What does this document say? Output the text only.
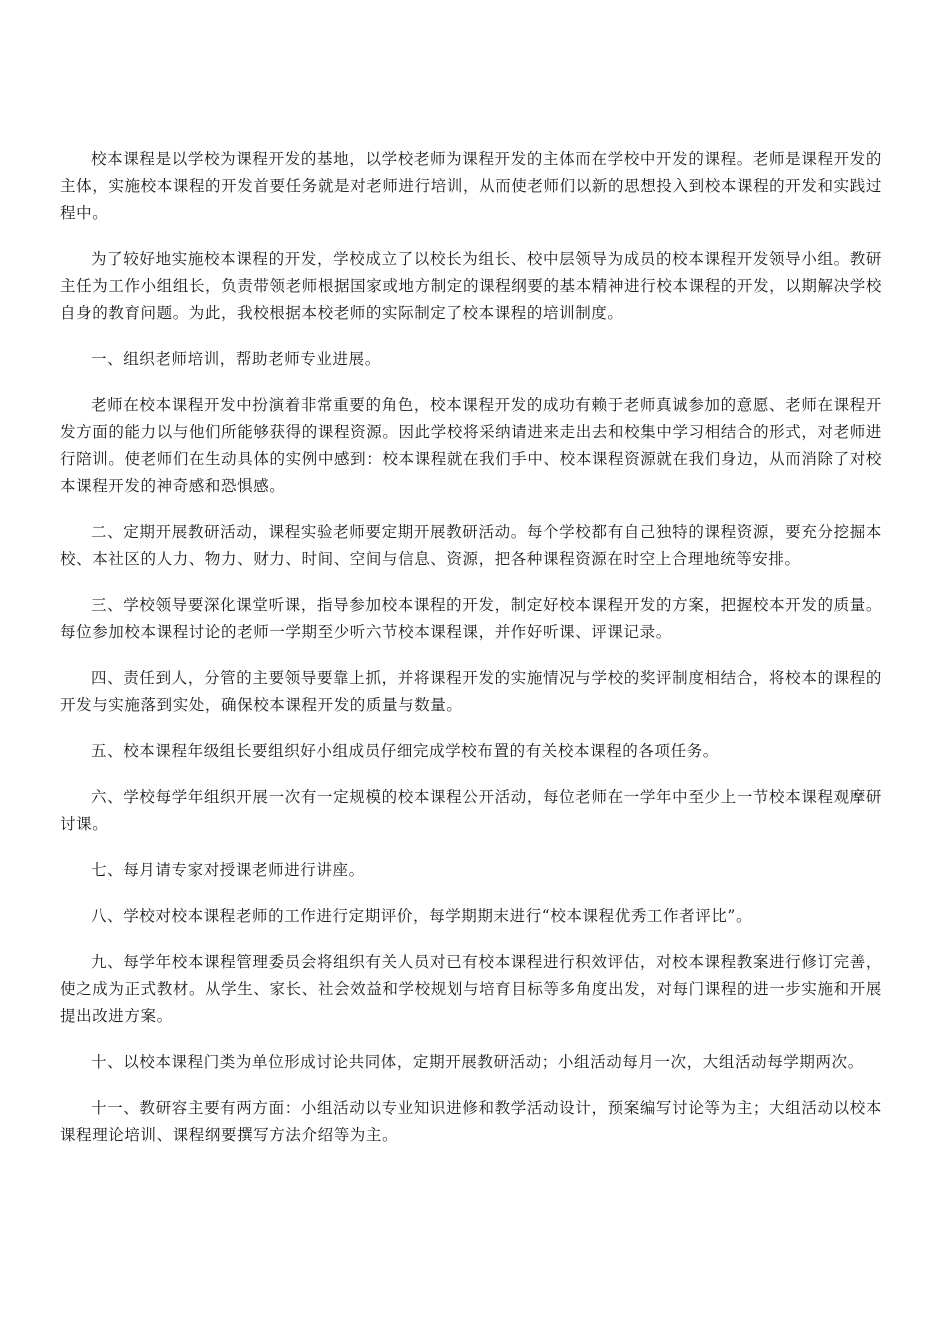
校本课程是以学校为课程开发的基地，以学校老师为课程开发的主体而在学校中开发的课程。老师是课程开发的主体，实施校本课程的开发首要任务就是对老师进行培训，从而使老师们以新的思想投入到校本课程的开发和实践过程中。

为了较好地实施校本课程的开发，学校成立了以校长为组长、校中层领导为成员的校本课程开发领导小组。教研主任为工作小组组长，负责带领老师根据国家或地方制定的课程纲要的基本精神进行校本课程的开发，以期解决学校自身的教育问题。为此，我校根据本校老师的实际制定了校本课程的培训制度。

一、组织老师培训，帮助老师专业进展。

老师在校本课程开发中扮演着非常重要的角色，校本课程开发的成功有赖于老师真诚参加的意愿、老师在课程开发方面的能力以与他们所能够获得的课程资源。因此学校将采纳请进来走出去和校集中学习相结合的形式，对老师进行陪训。使老师们在生动具体的实例中感到：校本课程就在我们手中、校本课程资源就在我们身边，从而消除了对校本课程开发的神奇感和恐惧感。

二、定期开展教研活动，课程实验老师要定期开展教研活动。每个学校都有自己独特的课程资源，要充分挖掘本校、本社区的人力、物力、财力、时间、空间与信息、资源，把各种课程资源在时空上合理地统等安排。

三、学校领导要深化课堂听课，指导参加校本课程的开发，制定好校本课程开发的方案，把握校本开发的质量。每位参加校本课程讨论的老师一学期至少听六节校本课程课，并作好听课、评课记录。

四、责任到人，分管的主要领导要靠上抓，并将课程开发的实施情况与学校的奖评制度相结合，将校本的课程的开发与实施落到实处，确保校本课程开发的质量与数量。

五、校本课程年级组长要组织好小组成员仔细完成学校布置的有关校本课程的各项任务。

六、学校每学年组织开展一次有一定规模的校本课程公开活动，每位老师在一学年中至少上一节校本课程观摩研讨课。

七、每月请专家对授课老师进行讲座。

八、学校对校本课程老师的工作进行定期评价，每学期期末进行“校本课程优秀工作者评比”。

九、每学年校本课程管理委员会将组织有关人员对已有校本课程进行积效评估，对校本课程教案进行修订完善，使之成为正式教材。从学生、家长、社会效益和学校规划与培育目标等多角度出发，对每门课程的进一步实施和开展提出改进方案。

十、以校本课程门类为单位形成讨论共同体，定期开展教研活动；小组活动每月一次，大组活动每学期两次。

十一、教研容主要有两方面：小组活动以专业知识进修和教学活动设计，预案编写讨论等为主；大组活动以校本课程理论培训、课程纲要撰写方法介绍等为主。
